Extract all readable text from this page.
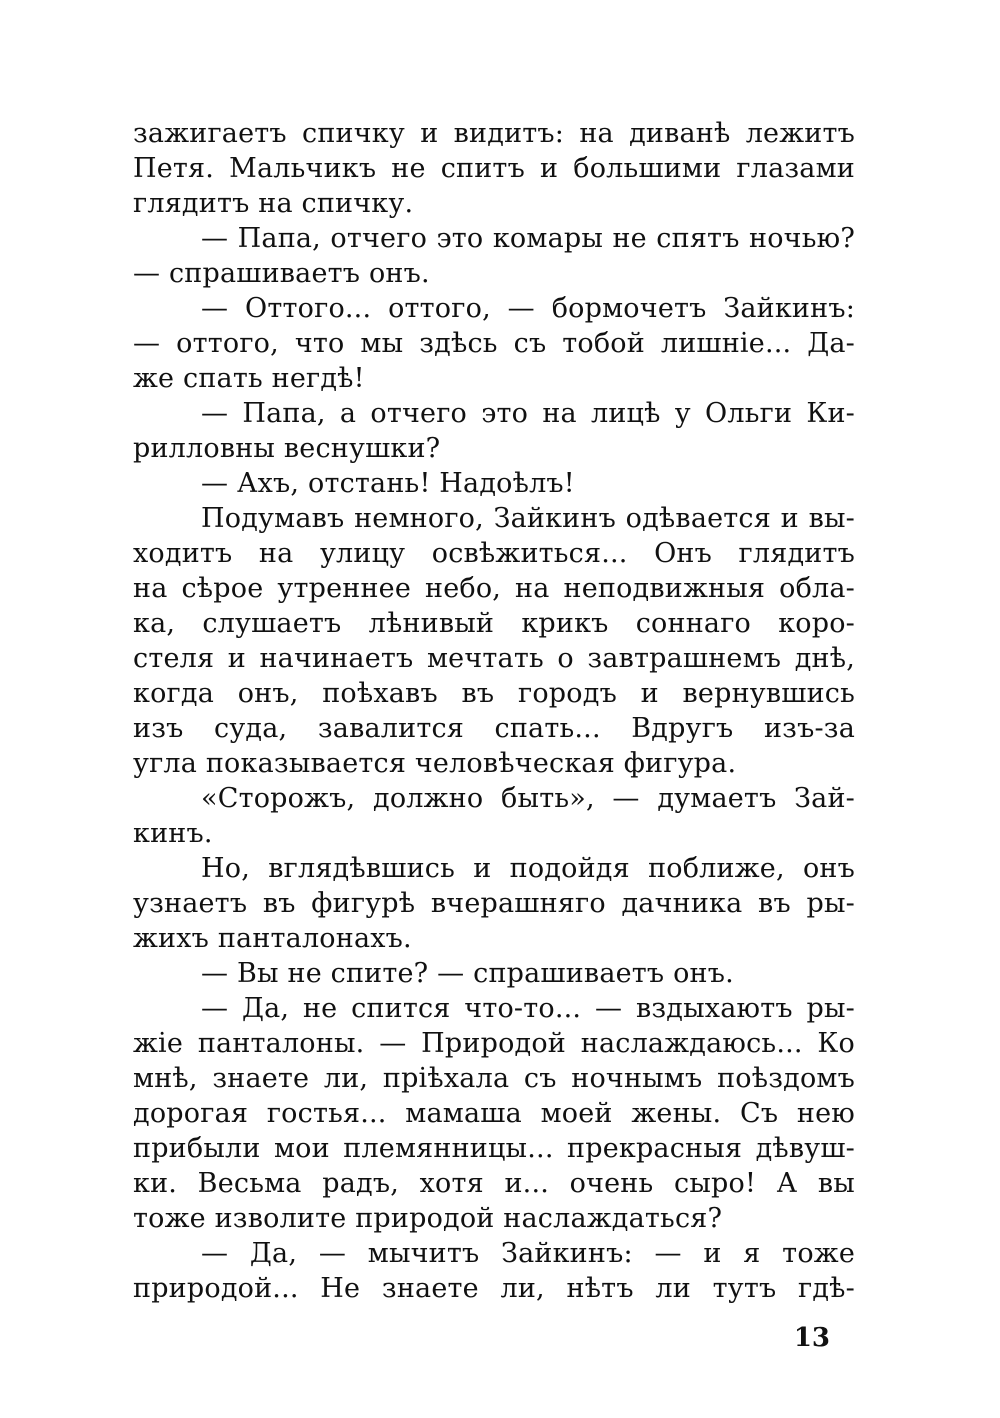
зажигаетъ спичку и видитъ: на диванѣ лежитъ
Петя. Мальчикъ не спитъ и большими глазами
глядитъ на спичку.
— Папа, отчего это комары не спятъ ночью?
— спрашиваетъ онъ.
— Оттого... оттого, — бормочетъ Зайкинъ:
— оттого, что мы здѣсь съ тобой лишніе... Да-
же спать негдѣ!
— Папа, а отчего это на лицѣ у Ольги Ки-
рилловны веснушки?
— Ахъ, отстань! Надоѣлъ!
Подумавъ немного, Зайкинъ одѣвается и вы-
ходитъ на улицу освѣжиться... Онъ глядитъ
на сѣрое утреннее небо, на неподвижныя обла-
ка, слушаетъ лѣнивый крикъ соннаго коро-
стеля и начинаетъ мечтать о завтрашнемъ днѣ,
когда онъ, поѣхавъ въ городъ и вернувшись
изъ суда, завалится спать... Вдругъ изъ-за
угла показывается человѣческая фигура.
«Сторожъ, должно быть», — думаетъ Зай-
кинъ.
Но, вглядѣвшись и подойдя поближе, онъ
узнаетъ въ фигурѣ вчерашняго дачника въ ры-
жихъ панталонахъ.
— Вы не спите? — спрашиваетъ онъ.
— Да, не спится что-то... — вздыхаютъ ры-
жіе панталоны. — Природой наслаждаюсь... Ко
мнѣ, знаете ли, пріѣхала съ ночнымъ поѣздомъ
дорогая гостья... мамаша моей жены. Съ нею
прибыли мои племянницы... прекрасныя дѣвуш-
ки. Весьма радъ, хотя и... очень сыро! А вы
тоже изволите природой наслаждаться?
— Да, — мычитъ Зайкинъ: — и я тоже
природой... Не знаете ли, нѣтъ ли тутъ гдѣ-
13
